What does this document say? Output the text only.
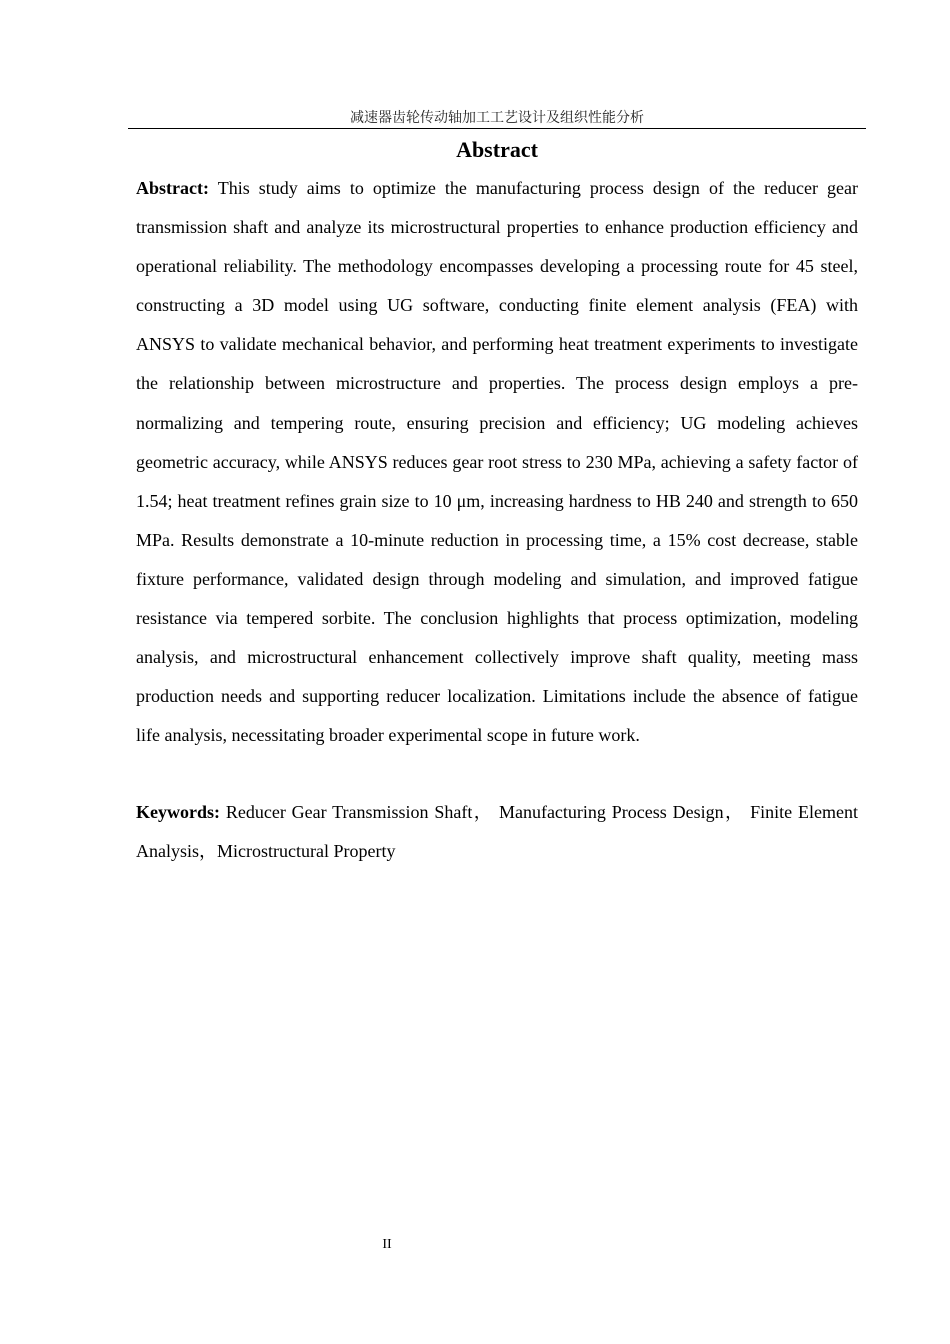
减速器齿轮传动轴加工工艺设计及组织性能分析
Abstract

Abstract: This study aims to optimize the manufacturing process design of the reducer gear transmission shaft and analyze its microstructural properties to enhance production efficiency and operational reliability. The methodology encompasses developing a processing route for 45 steel, constructing a 3D model using UG software, conducting finite element analysis (FEA) with ANSYS to validate mechanical behavior, and performing heat treatment experiments to investigate the relationship between microstructure and properties. The process design employs a pre-normalizing and tempering route, ensuring precision and efficiency; UG modeling achieves geometric accuracy, while ANSYS reduces gear root stress to 230 MPa, achieving a safety factor of 1.54; heat treatment refines grain size to 10 μm, increasing hardness to HB 240 and strength to 650 MPa. Results demonstrate a 10-minute reduction in processing time, a 15% cost decrease, stable fixture performance, validated design through modeling and simulation, and improved fatigue resistance via tempered sorbite. The conclusion highlights that process optimization, modeling analysis, and microstructural enhancement collectively improve shaft quality, meeting mass production needs and supporting reducer localization. Limitations include the absence of fatigue life analysis, necessitating broader experimental scope in future work.

Keywords: Reducer Gear Transmission Shaft， Manufacturing Process Design， Finite Element Analysis，Microstructural Property

II
